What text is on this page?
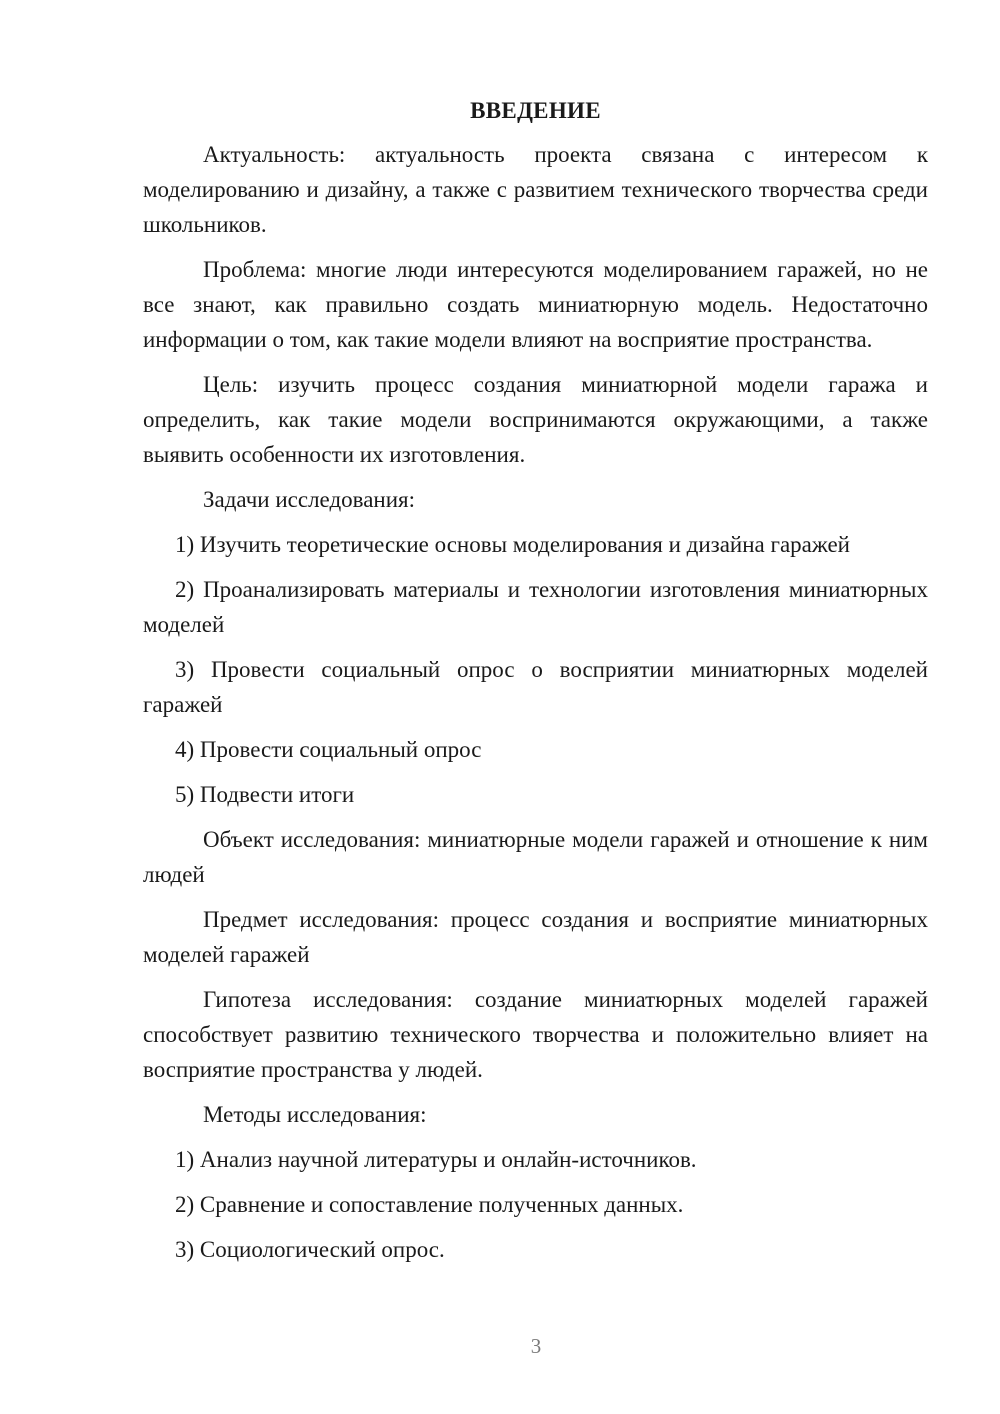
ВВЕДЕНИЕ

Актуальность: актуальность проекта связана с интересом к моделированию и дизайну, а также с развитием технического творчества среди школьников.

Проблема: многие люди интересуются моделированием гаражей, но не все знают, как правильно создать миниатюрную модель. Недостаточно информации о том, как такие модели влияют на восприятие пространства.

Цель: изучить процесс создания миниатюрной модели гаража и определить, как такие модели воспринимаются окружающими, а также выявить особенности их изготовления.

Задачи исследования:

1) Изучить теоретические основы моделирования и дизайна гаражей

2) Проанализировать материалы и технологии изготовления миниатюрных моделей

3) Провести социальный опрос о восприятии миниатюрных моделей гаражей

4) Провести социальный опрос

5) Подвести итоги

Объект исследования: миниатюрные модели гаражей и отношение к ним людей

Предмет исследования: процесс создания и восприятие миниатюрных моделей гаражей

Гипотеза исследования: создание миниатюрных моделей гаражей способствует развитию технического творчества и положительно влияет на восприятие пространства у людей.

Методы исследования:

1) Анализ научной литературы и онлайн-источников.

2) Сравнение и сопоставление полученных данных.

3) Социологический опрос.

3
